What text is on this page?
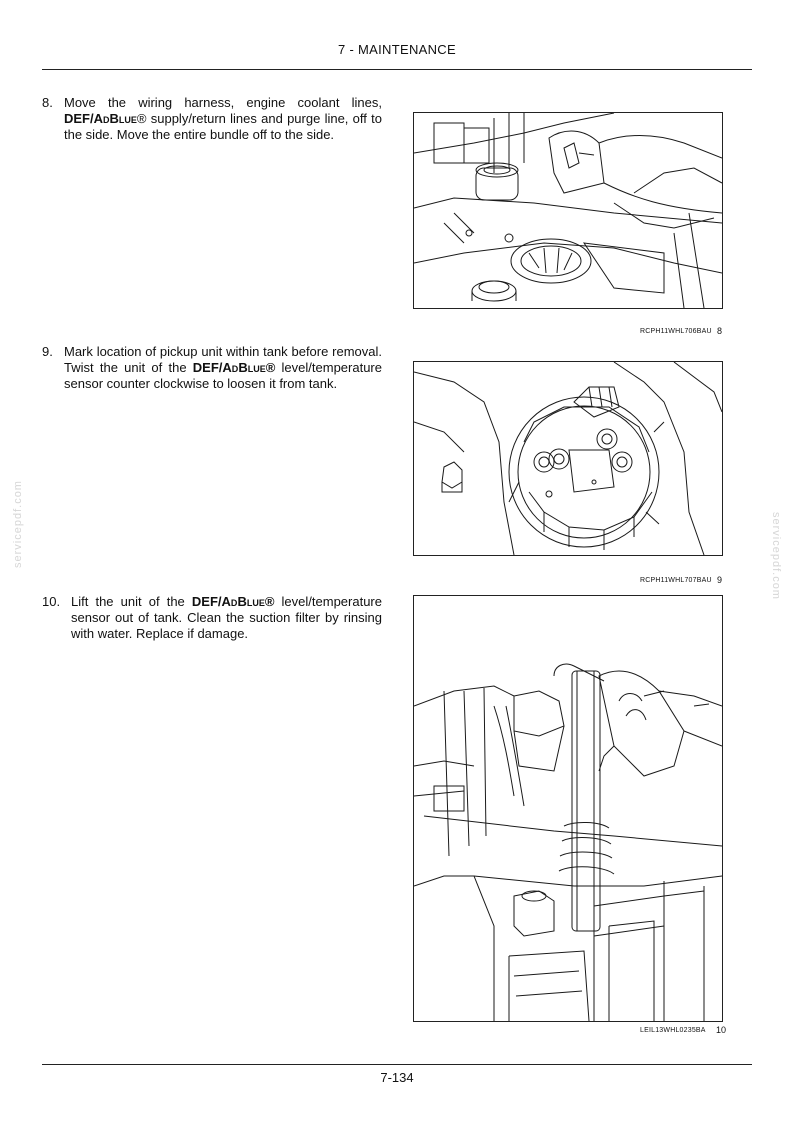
7 - MAINTENANCE
8. Move the wiring harness, engine coolant lines, DEF/AdBlue® supply/return lines and purge line, off to the side. Move the entire bundle off to the side.
RCPH11WHL706BAU 8
9. Mark location of pickup unit within tank before removal. Twist the unit of the DEF/AdBlue® level/temperature sensor counter clockwise to loosen it from tank.
RCPH11WHL707BAU 9
10. Lift the unit of the DEF/AdBlue® level/temperature sensor out of tank. Clean the suction filter by rinsing with water. Replace if damage.
LEIL13WHL0235BA 10
servicepdf.com	servicepdf.com
7-134
